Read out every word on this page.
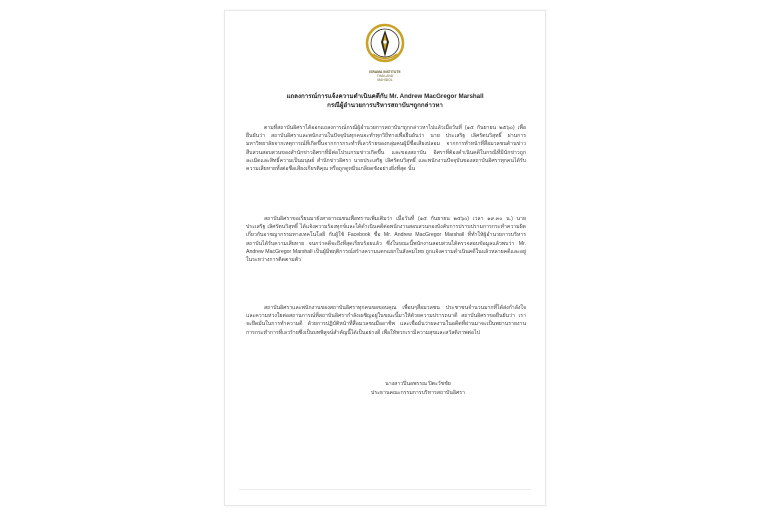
ISRAMA INSTITUTE
THAILAND
MAHIDOL
แถลงการณ์การแจ้งความดำเนินคดีกับ Mr. Andrew MacGregor Marshall
กรณีผู้อำนวยการบริหารสถาบันฯถูกกล่าวหา
ตามที่สถาบันอิศราได้ออกแถลงการณ์กรณีผู้อำนวยการสถาบันฯถูกกล่าวหาไปแล้วเมื่อวันที่ (๑๕ กันยายน ๒๕๖๐) เพื่อยืนยันว่า สถาบันอิศราและพนักงานในปัจจุบันทุกคนจะทำทุกวิถีทางเพื่อยืนยันว่า นาย ประเสริฐ เลิศรัตนวิสุทธิ์ ผ่านการมหาวิทยาลัยจากเหตุการณ์ที่เกิดขึ้นจากการกระทำที่เลวร้ายของกลุ่มคนผู้มีชื่อเสียงปลอม จากการทำหน้าที่สื่อมวลชนด้านข่าวสืบสวนสอบสวนของสำนักข่าวอิศราที่มีต่อโปรแกรมข่าวเกิดขึ้น และของสถาบัน อิศราที่ต้องดำเนินคดีในกรณีที่มีนักข่าวถูกละเมิดและสิทธิ์ความเป็นมนุษย์ สำนักข่าวอิศรา นายประเสริฐ เลิศรัตนวิสุทธิ์ และพนักงานปัจจุบันของสถาบันอิศราทุกคนได้รับความเสียหายทั้งต่อชื่อเสียงเกียรติคุณ หรือถูกดูหมิ่นเกลียดชังอย่างยิ่งที่สุด นั้น
สถาบันอิศราขอเรียนมายังสาธารณชนเพื่อทราบเพิ่มเติมว่า เมื่อวันที่ (๑๕ กันยายน ๒๕๖๐) เวลา ๑๙.๓๐ น.) นายประเสริฐ เลิศรัตนวิสุทธิ์ ได้แจ้งความร้องทุกข์และได้ดำเนินคดีต่อพนักงานสอบสวนกองบังคับการปราบปรามการกระทำความผิดเกี่ยวกับอาชญากรรมทางเทคโนโลยี กับผู้ใช้ Facebook ชื่อ Mr. Andrew MacGregor Marshall ที่ทำให้ผู้อำนวยการบริหารสถาบันได้รับความเสียหาย จนกว่าคดีจะถึงที่สุดเรียบร้อยแล้ว ซึ่งในขณะนี้พนักงานสอบสวนได้ตรวจสอบข้อมูลแล้วพบว่า Mr. Andrew MacGregor Marshall เป็นผู้มีพฤติการณ์สร้างความแตกแยกในสังคมไทย ถูกแจ้งความดำเนินคดีในแล้วหลายคดีและอยู่ในระหว่างการติดตามตัว
สถาบันอิศราและพนักงานของสถาบันอิศราทุกคนขอขอบคุณ เพื่อนๆสื่อมวลชน ประชาชนจำนวนมากที่ได้ส่งกำลังใจและความห่วงใยต่อสถานการณ์ที่สถาบันอิศรากำลังเผชิญอยู่ในขณะนี้มาให้ด้วยความปรารถนาดี สถาบันอิศราขอยืนยันว่า เราจะยึดมั่นในการทำความดี ด้วยการปฏิบัติหน้าที่สื่อมวลชนมืออาชีพ และเชื่อมั่นว่าผลงานในอดีตที่ผ่านมาจะเป็นพยานรายงานการกระทำการที่เลวร้ายซึ่งเป็นบทพิสูจน์สำคัญนี้ได้เป็นอย่างดี เพื่อให้พวกเรามีความสุขและสวัสดิภาพต่อไป
นางสาวปิ่นอพรรณ ปิตะวัชชัย
ประธานคณะกรรมการบริหารสถาบันอิศรา
